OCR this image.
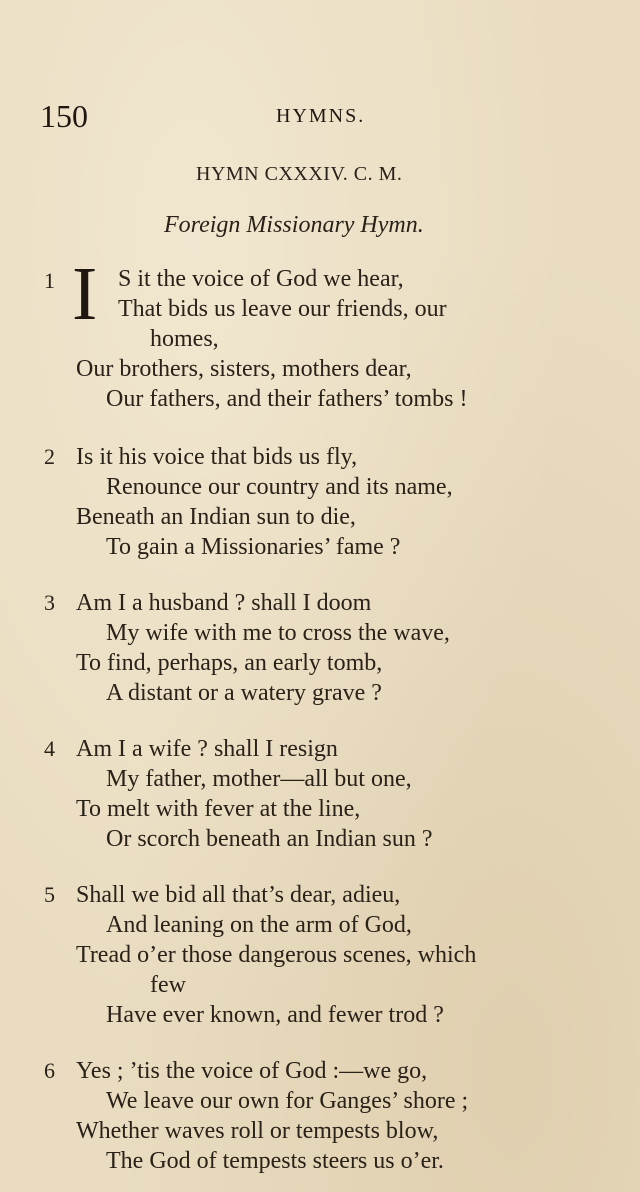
150	HYMNS.
HYMN CXXXIV. C. M.
Foreign Missionary Hymn.
1 I S it the voice of God we hear,
That bids us leave our friends, our
homes,
Our brothers, sisters, mothers dear,
Our fathers, and their fathers’ tombs !
2 Is it his voice that bids us fly,
Renounce our country and its name,
Beneath an Indian sun to die,
To gain a Missionaries’ fame ?
3 Am I a husband ? shall I doom
My wife with me to cross the wave,
To find, perhaps, an early tomb,
A distant or a watery grave ?
4 Am I a wife ? shall I resign
My father, mother—all but one,
To melt with fever at the line,
Or scorch beneath an Indian sun ?
5 Shall we bid all that’s dear, adieu,
And leaning on the arm of God,
Tread o’er those dangerous scenes, which
few
Have ever known, and fewer trod ?
6 Yes ; ’tis the voice of God :—we go,
We leave our own for Ganges’ shore ;
Whether waves roll or tempests blow,
The God of tempests steers us o’er.
